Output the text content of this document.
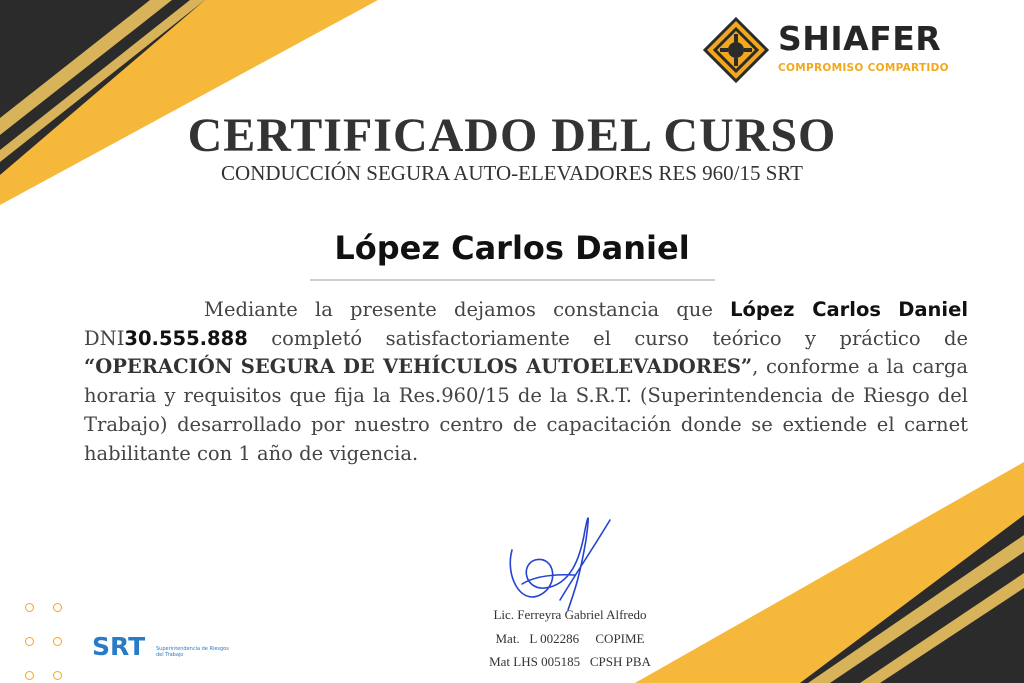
SHIAFER
COMPROMISO COMPARTIDO
CERTIFICADO DEL CURSO
CONDUCCIÓN SEGURA AUTO-ELEVADORES RES 960/15 SRT
López Carlos Daniel
Mediante la presente dejamos constancia que López Carlos Daniel DNI30.555.888 completó satisfactoriamente el curso teórico y práctico de “OPERACIÓN SEGURA DE VEHÍCULOS AUTOELEVADORES”, conforme a la carga horaria y requisitos que fija la Res.960/15 de la S.R.T. (Superintendencia de Riesgo del Trabajo) desarrollado por nuestro centro de capacitación donde se extiende el carnet habilitante con 1 año de vigencia.
Lic. Ferreyra Gabriel Alfredo
Mat.   L 002286     COPIME
Mat LHS 005185   CPSH PBA
SRT Superintendencia de Riesgos del Trabajo
